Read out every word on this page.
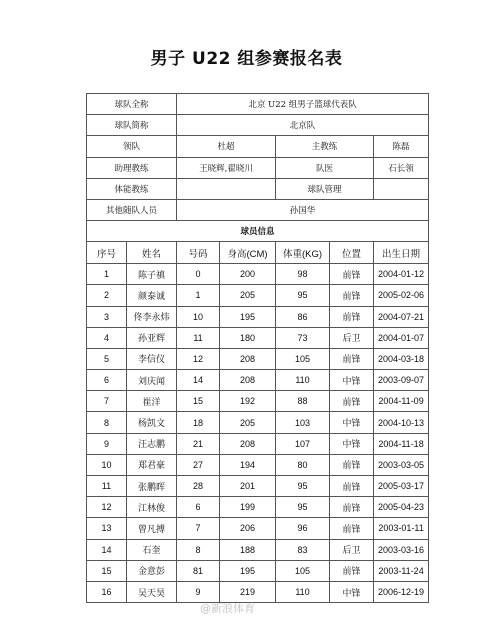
男子 U22 组参赛报名表
球队全称		北京 U22 组男子篮球代表队				
球队简称		北京队				
领队		杜超		主教练		陈磊
助理教练		王晓辉,翟晓川		队医		石长领
体能教练				球队管理		
其他随队人员		孙国华				
球员信息						
序号	姓名	号码	身高(CM)	体重(KG)	位置	出生日期
1	陈子禛	0	200	98	前锋	2004-01-12
2	颜泰诚	1	205	95	前锋	2005-02-06
3	佟李永炜	10	195	86	前锋	2004-07-21
4	孙亚辉	11	180	73	后卫	2004-01-07
5	李信仪	12	208	105	前锋	2004-03-18
6	刘庆闻	14	208	110	中锋	2003-09-07
7	崔洋	15	192	88	前锋	2004-11-09
8	杨凯文	18	205	103	中锋	2004-10-13
9	汪志鹏	21	208	107	中锋	2004-11-18
10	郑君豪	27	194	80	前锋	2003-03-05
11	张鹏晖	28	201	95	前锋	2005-03-17
12	江林俊	6	199	95	前锋	2005-04-23
13	曾凡搏	7	206	96	前锋	2003-01-11
14	石奎	8	188	83	后卫	2003-03-16
15	金意彭	81	195	105	前锋	2003-11-24
16	吴天昊	9	219	110	中锋	2006-12-19
@新浪体育
